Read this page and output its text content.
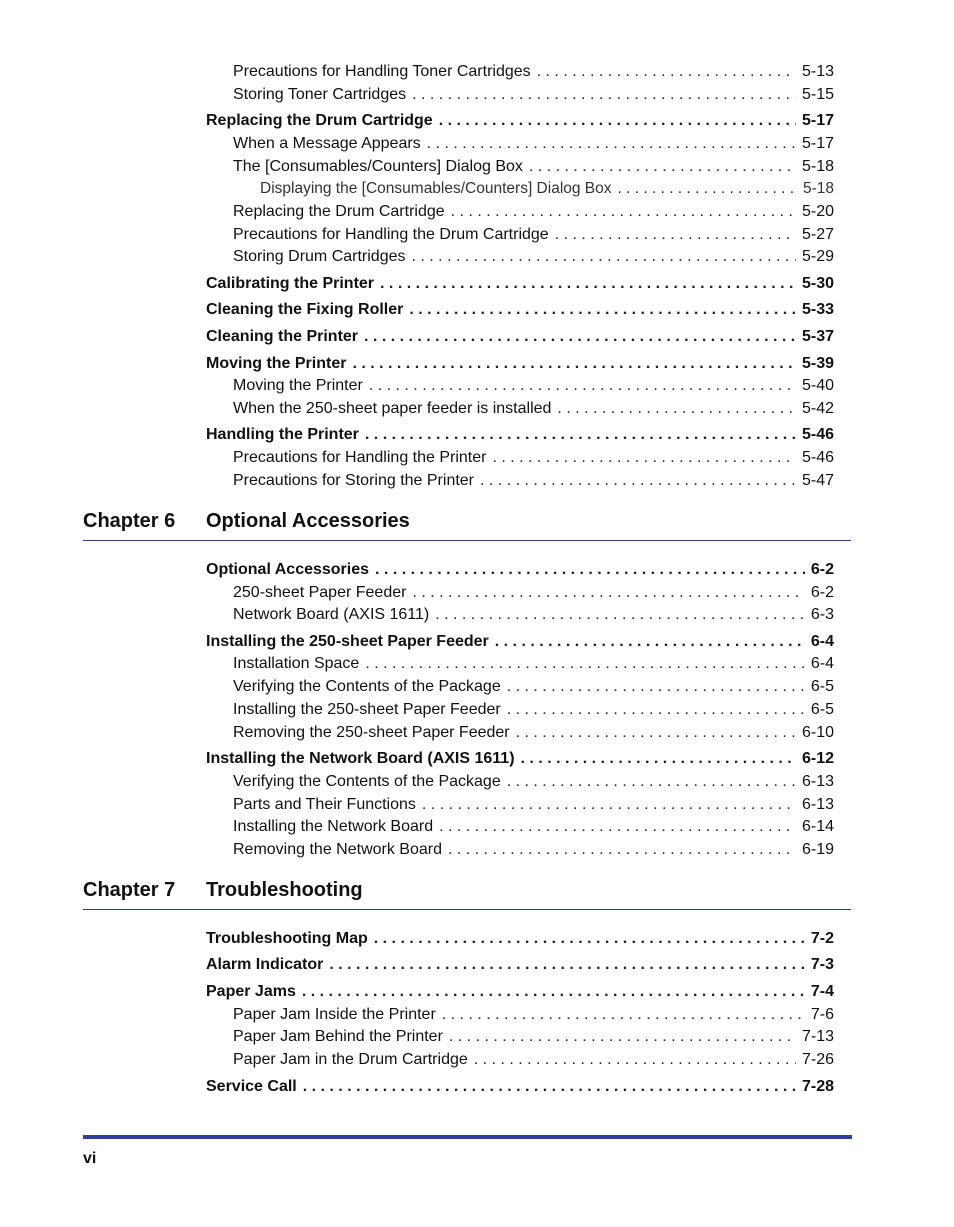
Precautions for Handling Toner Cartridges . . .	5-13
Storing Toner Cartridges . . .	5-15
Replacing the Drum Cartridge . . .	5-17
When a Message Appears . . .	5-17
The [Consumables/Counters] Dialog Box . . .	5-18
Displaying the [Consumables/Counters] Dialog Box . . .	5-18
Replacing the Drum Cartridge . . .	5-20
Precautions for Handling the Drum Cartridge . . .	5-27
Storing Drum Cartridges . . .	5-29
Calibrating the Printer . . .	5-30
Cleaning the Fixing Roller . . .	5-33
Cleaning the Printer . . .	5-37
Moving the Printer . . .	5-39
Moving the Printer . . .	5-40
When the 250-sheet paper feeder is installed . . .	5-42
Handling the Printer . . .	5-46
Precautions for Handling the Printer . . .	5-46
Precautions for Storing the Printer . . .	5-47
Chapter 6 Optional Accessories
Optional Accessories . . .	6-2
250-sheet Paper Feeder . . .	6-2
Network Board (AXIS 1611) . . .	6-3
Installing the 250-sheet Paper Feeder . . .	6-4
Installation Space . . .	6-4
Verifying the Contents of the Package . . .	6-5
Installing the 250-sheet Paper Feeder . . .	6-5
Removing the 250-sheet Paper Feeder . . .	6-10
Installing the Network Board (AXIS 1611) . . .	6-12
Verifying the Contents of the Package . . .	6-13
Parts and Their Functions . . .	6-13
Installing the Network Board . . .	6-14
Removing the Network Board . . .	6-19
Chapter 7 Troubleshooting
Troubleshooting Map . . .	7-2
Alarm Indicator . . .	7-3
Paper Jams . . .	7-4
Paper Jam Inside the Printer . . .	7-6
Paper Jam Behind the Printer . . .	7-13
Paper Jam in the Drum Cartridge . . .	7-26
Service Call . . .	7-28
vi
